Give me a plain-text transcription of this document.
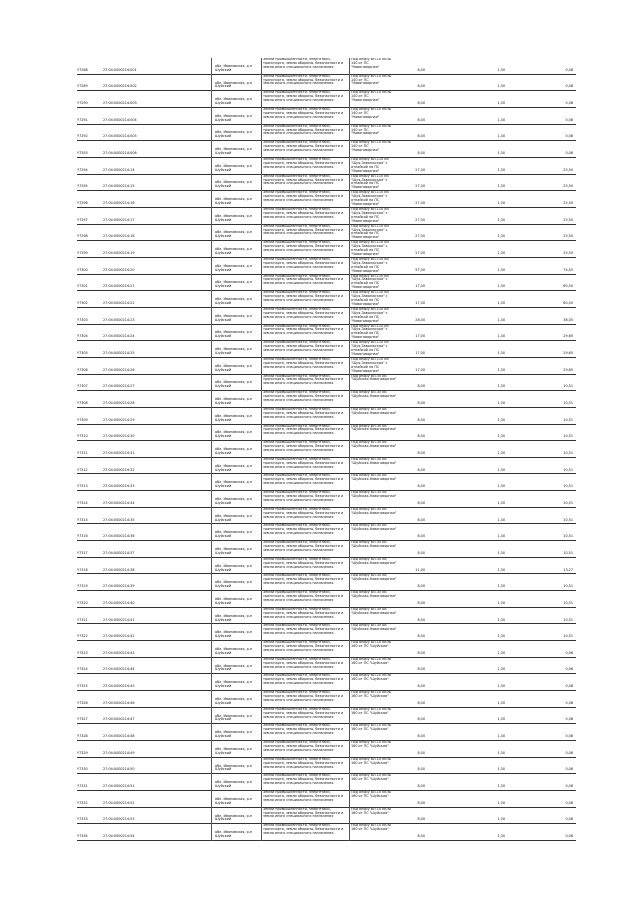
Y7288	27:04:0000214:001
обл. Ивановская, р-н Шуйский
Земли промышленности, энергетики, транспорта, земли обороны, безопасности и земли иного специального назначения
Под опору ВЛ-10 кВ № 140 от ПС "Новоговорная"
8,00	1,30	0,08
Y7289	27:04:0000214:002
обл. Ивановская, р-н Шуйский
Земли промышленности, энергетики, транспорта, земли обороны, безопасности и земли иного специального назначения
Под опору ВЛ-10 кВ № 140 от ПС "Новоговорная"
8,00	1,30	0,08
Y7290	27:04:0000214:003
обл. Ивановская, р-н Шуйский
Земли промышленности, энергетики, транспорта, земли обороны, безопасности и земли иного специального назначения
Под опору ВЛ-10 кВ № 140 от ПС "Новоговорная"
8,00	1,30	0,08
Y7291	27:04:0000214:004
обл. Ивановская, р-н Шуйский
Земли промышленности, энергетики, транспорта, земли обороны, безопасности и земли иного специального назначения
Под опору ВЛ-10 кВ № 140 от ПС "Новоговорная"
8,00	1,30	0,08
Y7292	27:04:0000214:005
обл. Ивановская, р-н Шуйский
Земли промышленности, энергетики, транспорта, земли обороны, безопасности и земли иного специального назначения
Под опору ВЛ-10 кВ № 140 от ПС "Новоговорная"
8,00	1,30	0,08
Y7293	27:04:0000214:006
обл. Ивановская, р-н Шуйский
Земли промышленности, энергетики, транспорта, земли обороны, безопасности и земли иного специального назначения
Под опору ВЛ-10 кВ № 140 от ПС "Новоговорная"
8,00	1,30	0,08
Y7294	27:04:0000214:14
обл. Ивановская, р-н Шуйский
Земли промышленности, энергетики, транспорта, земли обороны, безопасности и земли иного специального назначения
Под опору ВЛ-110 кВ "Шуя-Заволжская" с отпайкой на ПС "Новоговорная"	27,00	1,30	25,50
Y7295	27:04:0000214:15
обл. Ивановская, р-н Шуйский
Земли промышленности, энергетики, транспорта, земли обороны, безопасности и земли иного специального назначения
Под опору ВЛ-110 кВ "Шуя-Заволжская" с отпайкой на ПС "Новоговорная"	27,00	1,30	25,50
Y7296	27:04:0000214:16
обл. Ивановская, р-н Шуйский
Земли промышленности, энергетики, транспорта, земли обороны, безопасности и земли иного специального назначения
Под опору ВЛ-110 кВ "Шуя-Заволжская" с отпайкой на ПС "Новоговорная"	27,00	1,30	25,50
Y7297	27:04:0000214:17
обл. Ивановская, р-н Шуйский
Земли промышленности, энергетики, транспорта, земли обороны, безопасности и земли иного специального назначения
Под опору ВЛ-110 кВ "Шуя-Заволжская" с отпайкой на ПС "Новоговорная"	27,00	1,30	25,50
Y7298	27:04:0000214:18
обл. Ивановская, р-н Шуйский
Земли промышленности, энергетики, транспорта, земли обороны, безопасности и земли иного специального назначения
Под опору ВЛ-110 кВ "Шуя-Заволжская" с отпайкой на ПС "Новоговорная"	27,00	1,30	25,50
Y7299	27:04:0000214:19
обл. Ивановская, р-н Шуйский
Земли промышленности, энергетики, транспорта, земли обороны, безопасности и земли иного специального назначения
Под опору ВЛ-110 кВ "Шуя-Заволжская" с отпайкой на ПС "Новоговорная"	27,00	1,30	25,50
Y7300	27:04:0000214:20
обл. Ивановская, р-н Шуйский
Земли промышленности, энергетики, транспорта, земли обороны, безопасности и земли иного специального назначения
Под опору ВЛ-110 кВ "Шуя-Заволжская" с отпайкой на ПС "Новоговорная"	57,00	1,30	74,55
Y7301	27:04:0000214:21
обл. Ивановская, р-н Шуйский
Земли промышленности, энергетики, транспорта, земли обороны, безопасности и земли иного специального назначения
Под опору ВЛ-110 кВ "Шуя-Заволжская" с отпайкой на ПС "Новоговорная"	17,00	1,30	60,50
Y7302	27:04:0000214:22
обл. Ивановская, р-н Шуйский
Земли промышленности, энергетики, транспорта, земли обороны, безопасности и земли иного специального назначения
Под опору ВЛ-110 кВ "Шуя-Заволжская" с отпайкой на ПС "Новоговорная"	17,00	1,30	60,50
Y7303	27:04:0000214:23
обл. Ивановская, р-н Шуйский
Земли промышленности, энергетики, транспорта, земли обороны, безопасности и земли иного специального назначения
Под опору ВЛ-110 кВ "Шуя-Заволжская" с отпайкой на ПС "Новоговорная"	28,00	1,30	36,05
Y7304	27:04:0000214:24
обл. Ивановская, р-н Шуйский
Земли промышленности, энергетики, транспорта, земли обороны, безопасности и земли иного специального назначения
Под опору ВЛ-110 кВ "Шуя-Заволжская" с отпайкой на ПС "Новоговорная"	17,00	1,30	29,65
Y7305	27:04:0000214:25
обл. Ивановская, р-н Шуйский
Земли промышленности, энергетики, транспорта, земли обороны, безопасности и земли иного специального назначения
Под опору ВЛ-110 кВ "Шуя-Заволжская" с отпайкой на ПС "Новоговорная"	17,00	1,30	29,65
Y7306	27:04:0000214:26
обл. Ивановская, р-н Шуйский
Земли промышленности, энергетики, транспорта, земли обороны, безопасности и земли иного специального назначения
Под опору ВЛ-110 кВ "Шуя-Заволжская" с отпайкой на ПС "Новоговорная"	17,00	1,30	29,65
Y7307	27:04:0000214:27
обл. Ивановская, р-н Шуйский
Земли промышленности, энергетики, транспорта, земли обороны, безопасности и земли иного специального назначения
Под опору ВЛ-35 кВ "Шуйская-Новоговорная"
8,00	1,30	10,51
Y7308	27:04:0000214:28
обл. Ивановская, р-н Шуйский
Земли промышленности, энергетики, транспорта, земли обороны, безопасности и земли иного специального назначения
Под опору ВЛ-35 кВ "Шуйская-Новоговорная"
8,00	1,30	10,51
Y7309	27:04:0000214:29
обл. Ивановская, р-н Шуйский
Земли промышленности, энергетики, транспорта, земли обороны, безопасности и земли иного специального назначения
Под опору ВЛ-35 кВ "Шуйская-Новоговорная"
8,00	1,30	10,51
Y7310	27:04:0000214:30
обл. Ивановская, р-н Шуйский
Земли промышленности, энергетики, транспорта, земли обороны, безопасности и земли иного специального назначения
Под опору ВЛ-35 кВ "Шуйская-Новоговорная"
8,00	1,30	10,51
Y7311	27:04:0000214:31
обл. Ивановская, р-н Шуйский
Земли промышленности, энергетики, транспорта, земли обороны, безопасности и земли иного специального назначения
Под опору ВЛ-35 кВ "Шуйская-Новоговорная"
8,00	1,30	10,51
Y7312	27:04:0000214:32
обл. Ивановская, р-н Шуйский
Земли промышленности, энергетики, транспорта, земли обороны, безопасности и земли иного специального назначения
Под опору ВЛ-35 кВ "Шуйская-Новоговорная"
8,00	1,30	10,51
Y7313	27:04:0000214:33
обл. Ивановская, р-н Шуйский
Земли промышленности, энергетики, транспорта, земли обороны, безопасности и земли иного специального назначения
Под опору ВЛ-35 кВ "Шуйская-Новоговорная"
8,00	1,30	10,51
Y7314	27:04:0000214:34
обл. Ивановская, р-н Шуйский
Земли промышленности, энергетики, транспорта, земли обороны, безопасности и земли иного специального назначения
Под опору ВЛ-35 кВ "Шуйская-Новоговорная"
8,00	1,30	10,51
Y7315	27:04:0000214:35
обл. Ивановская, р-н Шуйский
Земли промышленности, энергетики, транспорта, земли обороны, безопасности и земли иного специального назначения
Под опору ВЛ-35 кВ "Шуйская-Новоговорная"
8,00	1,30	10,51
Y7316	27:04:0000214:36
обл. Ивановская, р-н Шуйский
Земли промышленности, энергетики, транспорта, земли обороны, безопасности и земли иного специального назначения
Под опору ВЛ-35 кВ "Шуйская-Новоговорная"
8,00	1,30	10,51
Y7317	27:04:0000214:37
обл. Ивановская, р-н Шуйский
Земли промышленности, энергетики, транспорта, земли обороны, безопасности и земли иного специального назначения
Под опору ВЛ-35 кВ "Шуйская-Новоговорная"
8,00	1,30	10,51
Y7318	27:04:0000214:38
обл. Ивановская, р-н Шуйский
Земли промышленности, энергетики, транспорта, земли обороны, безопасности и земли иного специального назначения
Под опору ВЛ-35 кВ "Шуйская-Новоговорная"
11,00	1,30	13,27
Y7319	27:04:0000214:39
обл. Ивановская, р-н Шуйский
Земли промышленности, энергетики, транспорта, земли обороны, безопасности и земли иного специального назначения
Под опору ВЛ-35 кВ "Шуйская-Новоговорная"
8,00	1,30	10,51
Y7320	27:04:0000214:40
обл. Ивановская, р-н Шуйский
Земли промышленности, энергетики, транспорта, земли обороны, безопасности и земли иного специального назначения
Под опору ВЛ-35 кВ "Шуйская-Новоговорная"
8,00	1,30	10,51
Y7321	27:04:0000214:41
обл. Ивановская, р-н Шуйский
Земли промышленности, энергетики, транспорта, земли обороны, безопасности и земли иного специального назначения
Под опору ВЛ-35 кВ "Шуйская-Новоговорная"
8,00	1,30	10,51
Y7322	27:04:0000214:42
обл. Ивановская, р-н Шуйский
Земли промышленности, энергетики, транспорта, земли обороны, безопасности и земли иного специального назначения
Под опору ВЛ-35 кВ "Шуйская-Новоговорная"
8,00	1,30	10,51
Y7323	27:04:0000214:43
обл. Ивановская, р-н Шуйский
Земли промышленности, энергетики, транспорта, земли обороны, безопасности и земли иного специального назначения
Под опору ВЛ-10 кВ № 160 от ПС "Шуйская"
8,00	1,30	0,08
Y7324	27:04:0000214:44
обл. Ивановская, р-н Шуйский
Земли промышленности, энергетики, транспорта, земли обороны, безопасности и земли иного специального назначения
Под опору ВЛ-10 кВ № 160 от ПС "Шуйская"
8,00	1,30	0,08
Y7325	27:04:0000214:45
обл. Ивановская, р-н Шуйский
Земли промышленности, энергетики, транспорта, земли обороны, безопасности и земли иного специального назначения
Под опору ВЛ-10 кВ № 160 от ПС "Шуйская"
8,00	1,30	0,08
Y7326	27:04:0000214:46
обл. Ивановская, р-н Шуйский
Земли промышленности, энергетики, транспорта, земли обороны, безопасности и земли иного специального назначения
Под опору ВЛ-10 кВ № 160 от ПС "Шуйская"
8,00	1,30	0,08
Y7327	27:04:0000214:47
обл. Ивановская, р-н Шуйский
Земли промышленности, энергетики, транспорта, земли обороны, безопасности и земли иного специального назначения
Под опору ВЛ-10 кВ № 160 от ПС "Шуйская"
8,00	1,30	0,08
Y7328	27:04:0000214:48
обл. Ивановская, р-н Шуйский
Земли промышленности, энергетики, транспорта, земли обороны, безопасности и земли иного специального назначения
Под опору ВЛ-10 кВ № 160 от ПС "Шуйская"
8,00	1,30	0,08
Y7329	27:04:0000214:49
обл. Ивановская, р-н Шуйский
Земли промышленности, энергетики, транспорта, земли обороны, безопасности и земли иного специального назначения
Под опору ВЛ-10 кВ № 160 от ПС "Шуйская"
8,00	1,30	0,08
Y7330	27:04:0000214:50
обл. Ивановская, р-н Шуйский
Земли промышленности, энергетики, транспорта, земли обороны, безопасности и земли иного специального назначения
Под опору ВЛ-10 кВ № 160 от ПС "Шуйская"
8,00	1,30	0,08
Y7331	27:04:0000214:51
обл. Ивановская, р-н Шуйский
Земли промышленности, энергетики, транспорта, земли обороны, безопасности и земли иного специального назначения
Под опору ВЛ-10 кВ № 160 от ПС "Шуйская"
8,00	1,30	0,08
Y7332	27:04:0000214:52
обл. Ивановская, р-н Шуйский
Земли промышленности, энергетики, транспорта, земли обороны, безопасности и земли иного специального назначения
Под опору ВЛ-10 кВ № 160 от ПС "Шуйская"
8,00	1,30	0,08
Y7333	27:04:0000214:53
обл. Ивановская, р-н Шуйский
Земли промышленности, энергетики, транспорта, земли обороны, безопасности и земли иного специального назначения
Под опору ВЛ-10 кВ № 160 от ПС "Шуйская"
8,00	1,30	0,08
Y7334	27:04:0000214:54
обл. Ивановская, р-н Шуйский
Земли промышленности, энергетики, транспорта, земли обороны, безопасности и земли иного специального назначения
Под опору ВЛ-10 кВ № 160 от ПС "Шуйская"
8,00	1,30	0,08
